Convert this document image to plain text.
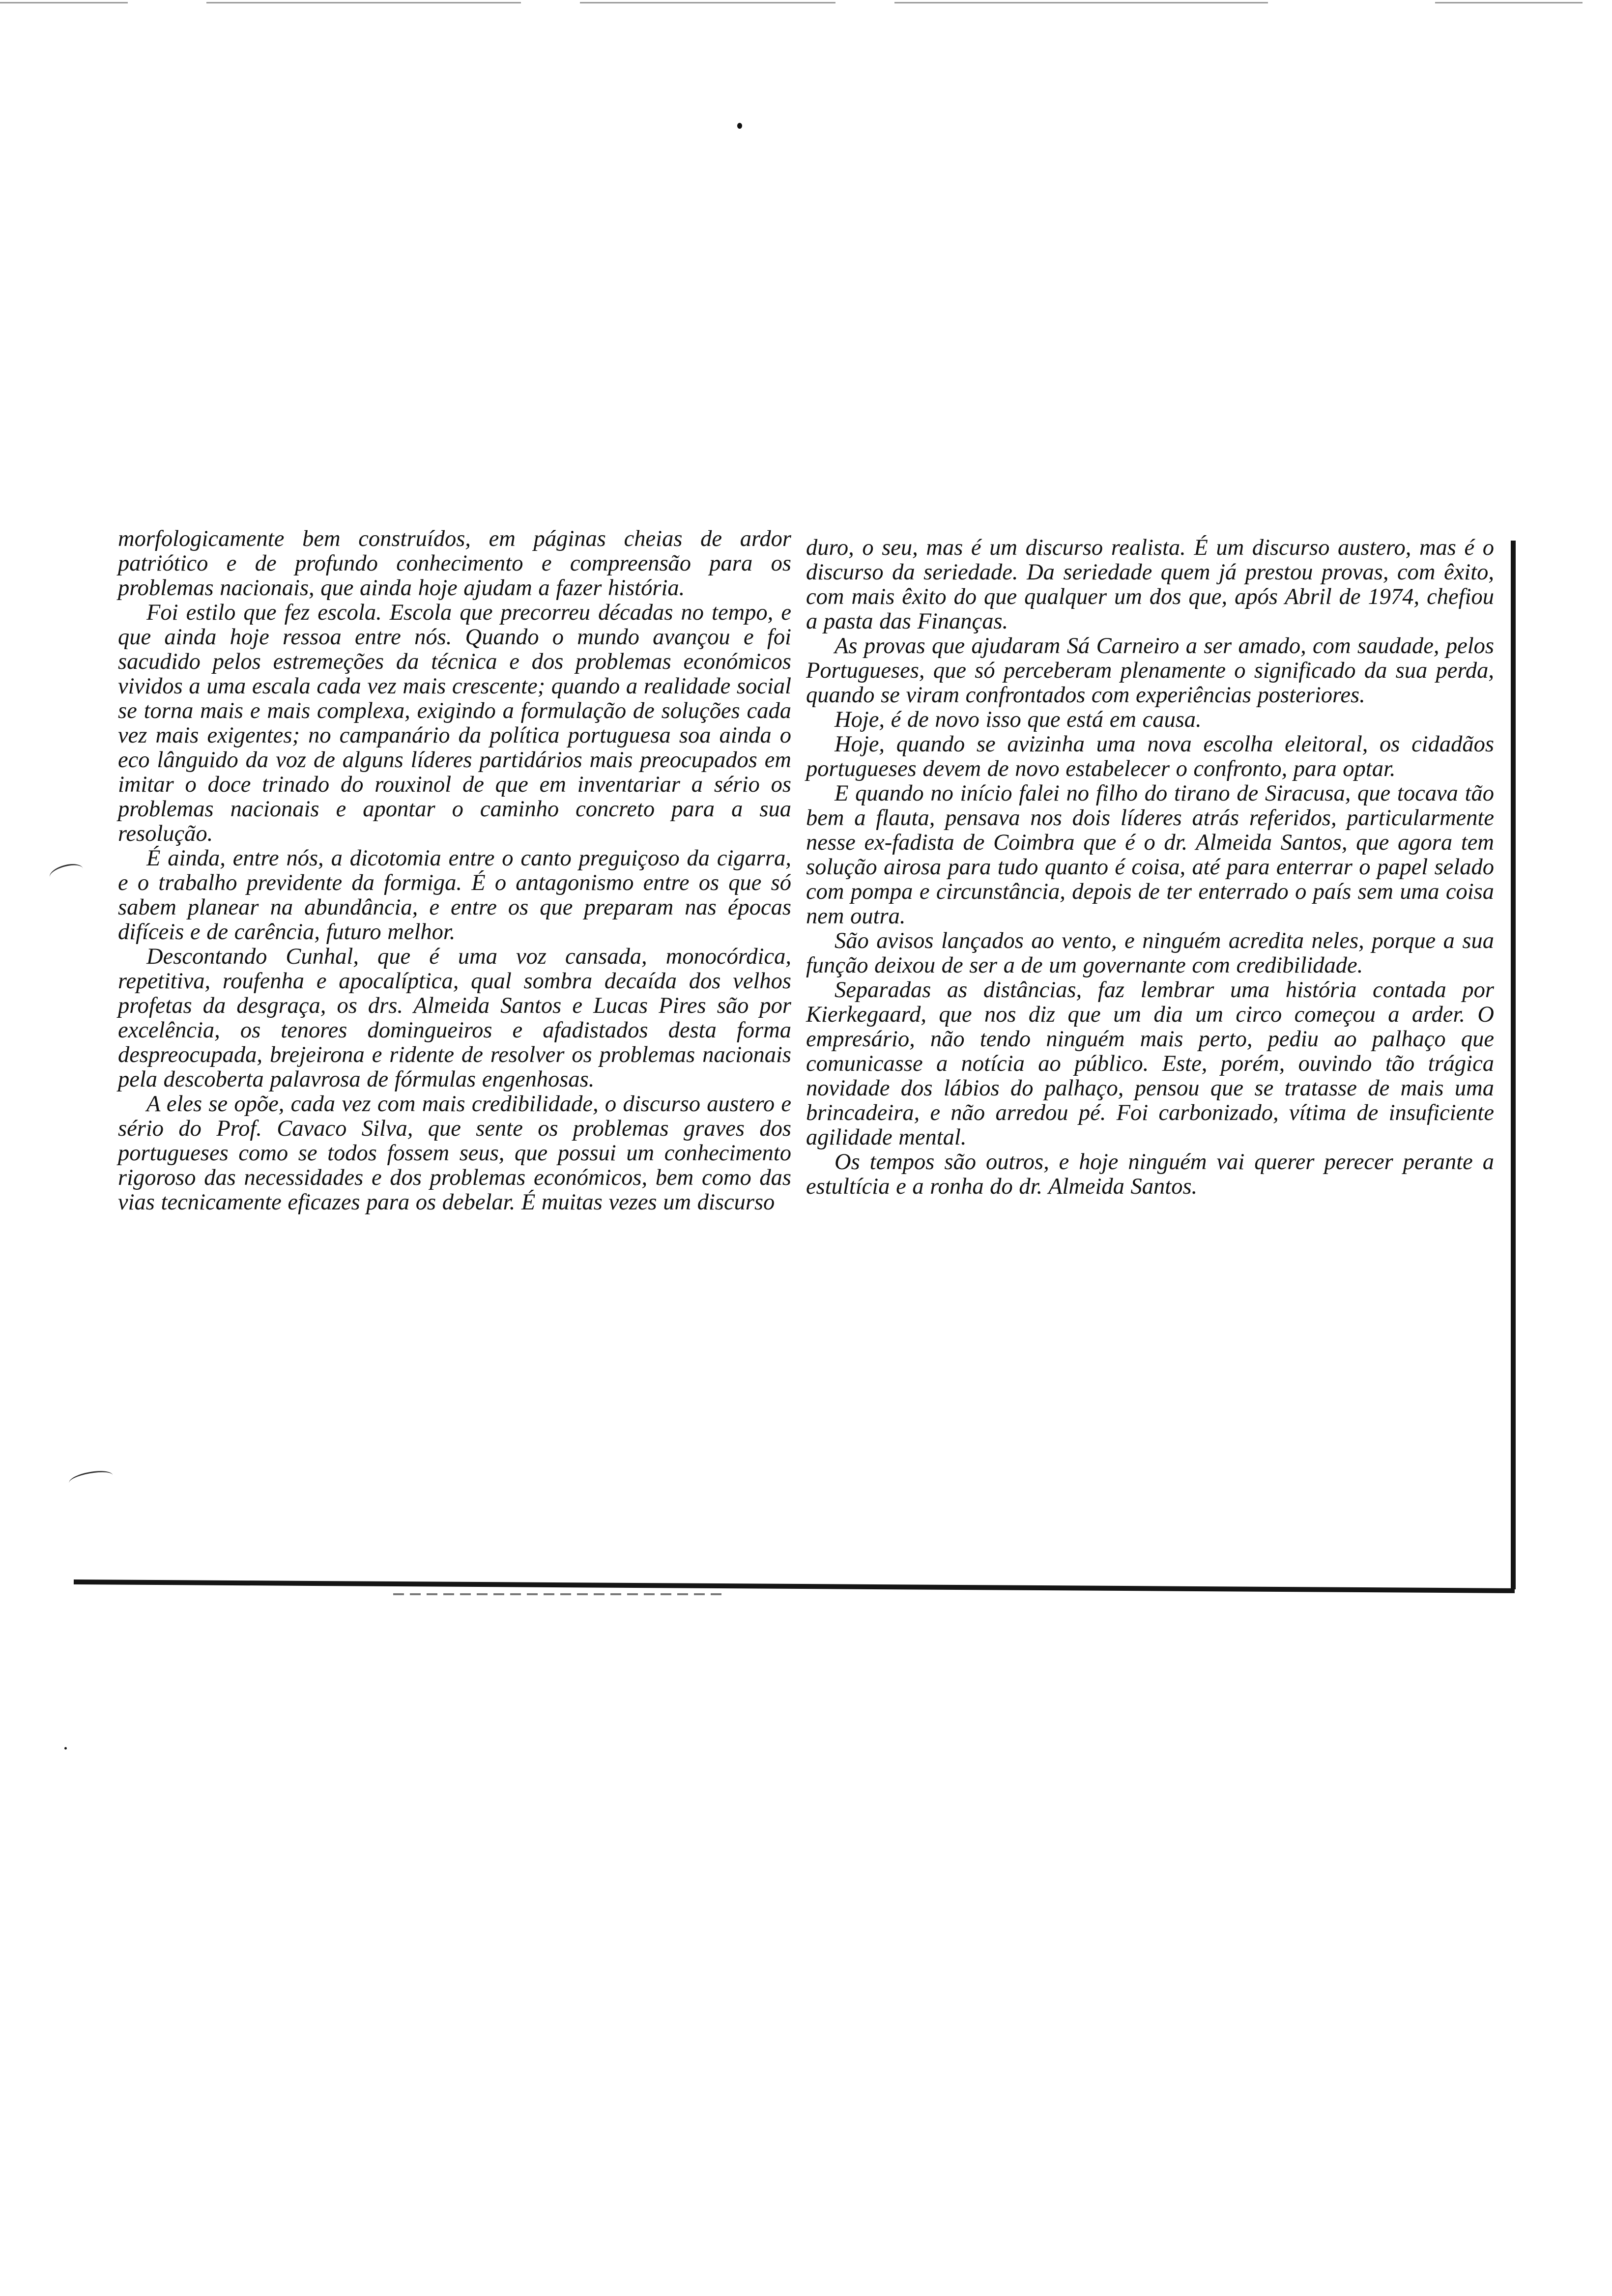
morfologicamente bem construídos, em páginas cheias de ardor patriótico e de profundo conhecimento e compreensão para os problemas nacionais, que ainda hoje ajudam a fazer história.

Foi estilo que fez escola. Escola que precorreu décadas no tempo, e que ainda hoje ressoa entre nós. Quando o mundo avançou e foi sacudido pelos estremeções da técnica e dos problemas económicos vividos a uma escala cada vez mais crescente; quando a realidade social se torna mais e mais complexa, exigindo a formulação de soluções cada vez mais exigentes; no campanário da política portuguesa soa ainda o eco lânguido da voz de alguns líderes partidários mais preocupados em imitar o doce trinado do rouxinol de que em inventariar a sério os problemas nacionais e apontar o caminho concreto para a sua resolução.

É ainda, entre nós, a dicotomia entre o canto preguiçoso da cigarra, e o trabalho previdente da formiga. É o antagonismo entre os que só sabem planear na abundância, e entre os que preparam nas épocas difíceis e de carência, futuro melhor.

Descontando Cunhal, que é uma voz cansada, monocórdica, repetitiva, roufenha e apocalíptica, qual sombra decaída dos velhos profetas da desgraça, os drs. Almeida Santos e Lucas Pires são por excelência, os tenores domingueiros e afadistados desta forma despreocupada, brejeirona e ridente de resolver os problemas nacionais pela descoberta palavrosa de fórmulas engenhosas.

A eles se opõe, cada vez com mais credibilidade, o discurso austero e sério do Prof. Cavaco Silva, que sente os problemas graves dos portugueses como se todos fossem seus, que possui um conhecimento rigoroso das necessidades e dos problemas económicos, bem como das vias tecnicamente eficazes para os debelar. É muitas vezes um discurso

duro, o seu, mas é um discurso realista. É um discurso austero, mas é o discurso da seriedade. Da seriedade quem já prestou provas, com êxito, com mais êxito do que qualquer um dos que, após Abril de 1974, chefiou a pasta das Finanças.

As provas que ajudaram Sá Carneiro a ser amado, com saudade, pelos Portugueses, que só perceberam plenamente o significado da sua perda, quando se viram confrontados com experiências posteriores.

Hoje, é de novo isso que está em causa.

Hoje, quando se avizinha uma nova escolha eleitoral, os cidadãos portugueses devem de novo estabelecer o confronto, para optar.

E quando no início falei no filho do tirano de Siracusa, que tocava tão bem a flauta, pensava nos dois líderes atrás referidos, particularmente nesse ex-fadista de Coimbra que é o dr. Almeida Santos, que agora tem solução airosa para tudo quanto é coisa, até para enterrar o papel selado com pompa e circunstância, depois de ter enterrado o país sem uma coisa nem outra.

São avisos lançados ao vento, e ninguém acredita neles, porque a sua função deixou de ser a de um governante com credibilidade.

Separadas as distâncias, faz lembrar uma história contada por Kierkegaard, que nos diz que um dia um circo começou a arder. O empresário, não tendo ninguém mais perto, pediu ao palhaço que comunicasse a notícia ao público. Este, porém, ouvindo tão trágica novidade dos lábios do palhaço, pensou que se tratasse de mais uma brincadeira, e não arredou pé. Foi carbonizado, vítima de insuficiente agilidade mental.

Os tempos são outros, e hoje ninguém vai querer perecer perante a estultícia e a ronha do dr. Almeida Santos.
